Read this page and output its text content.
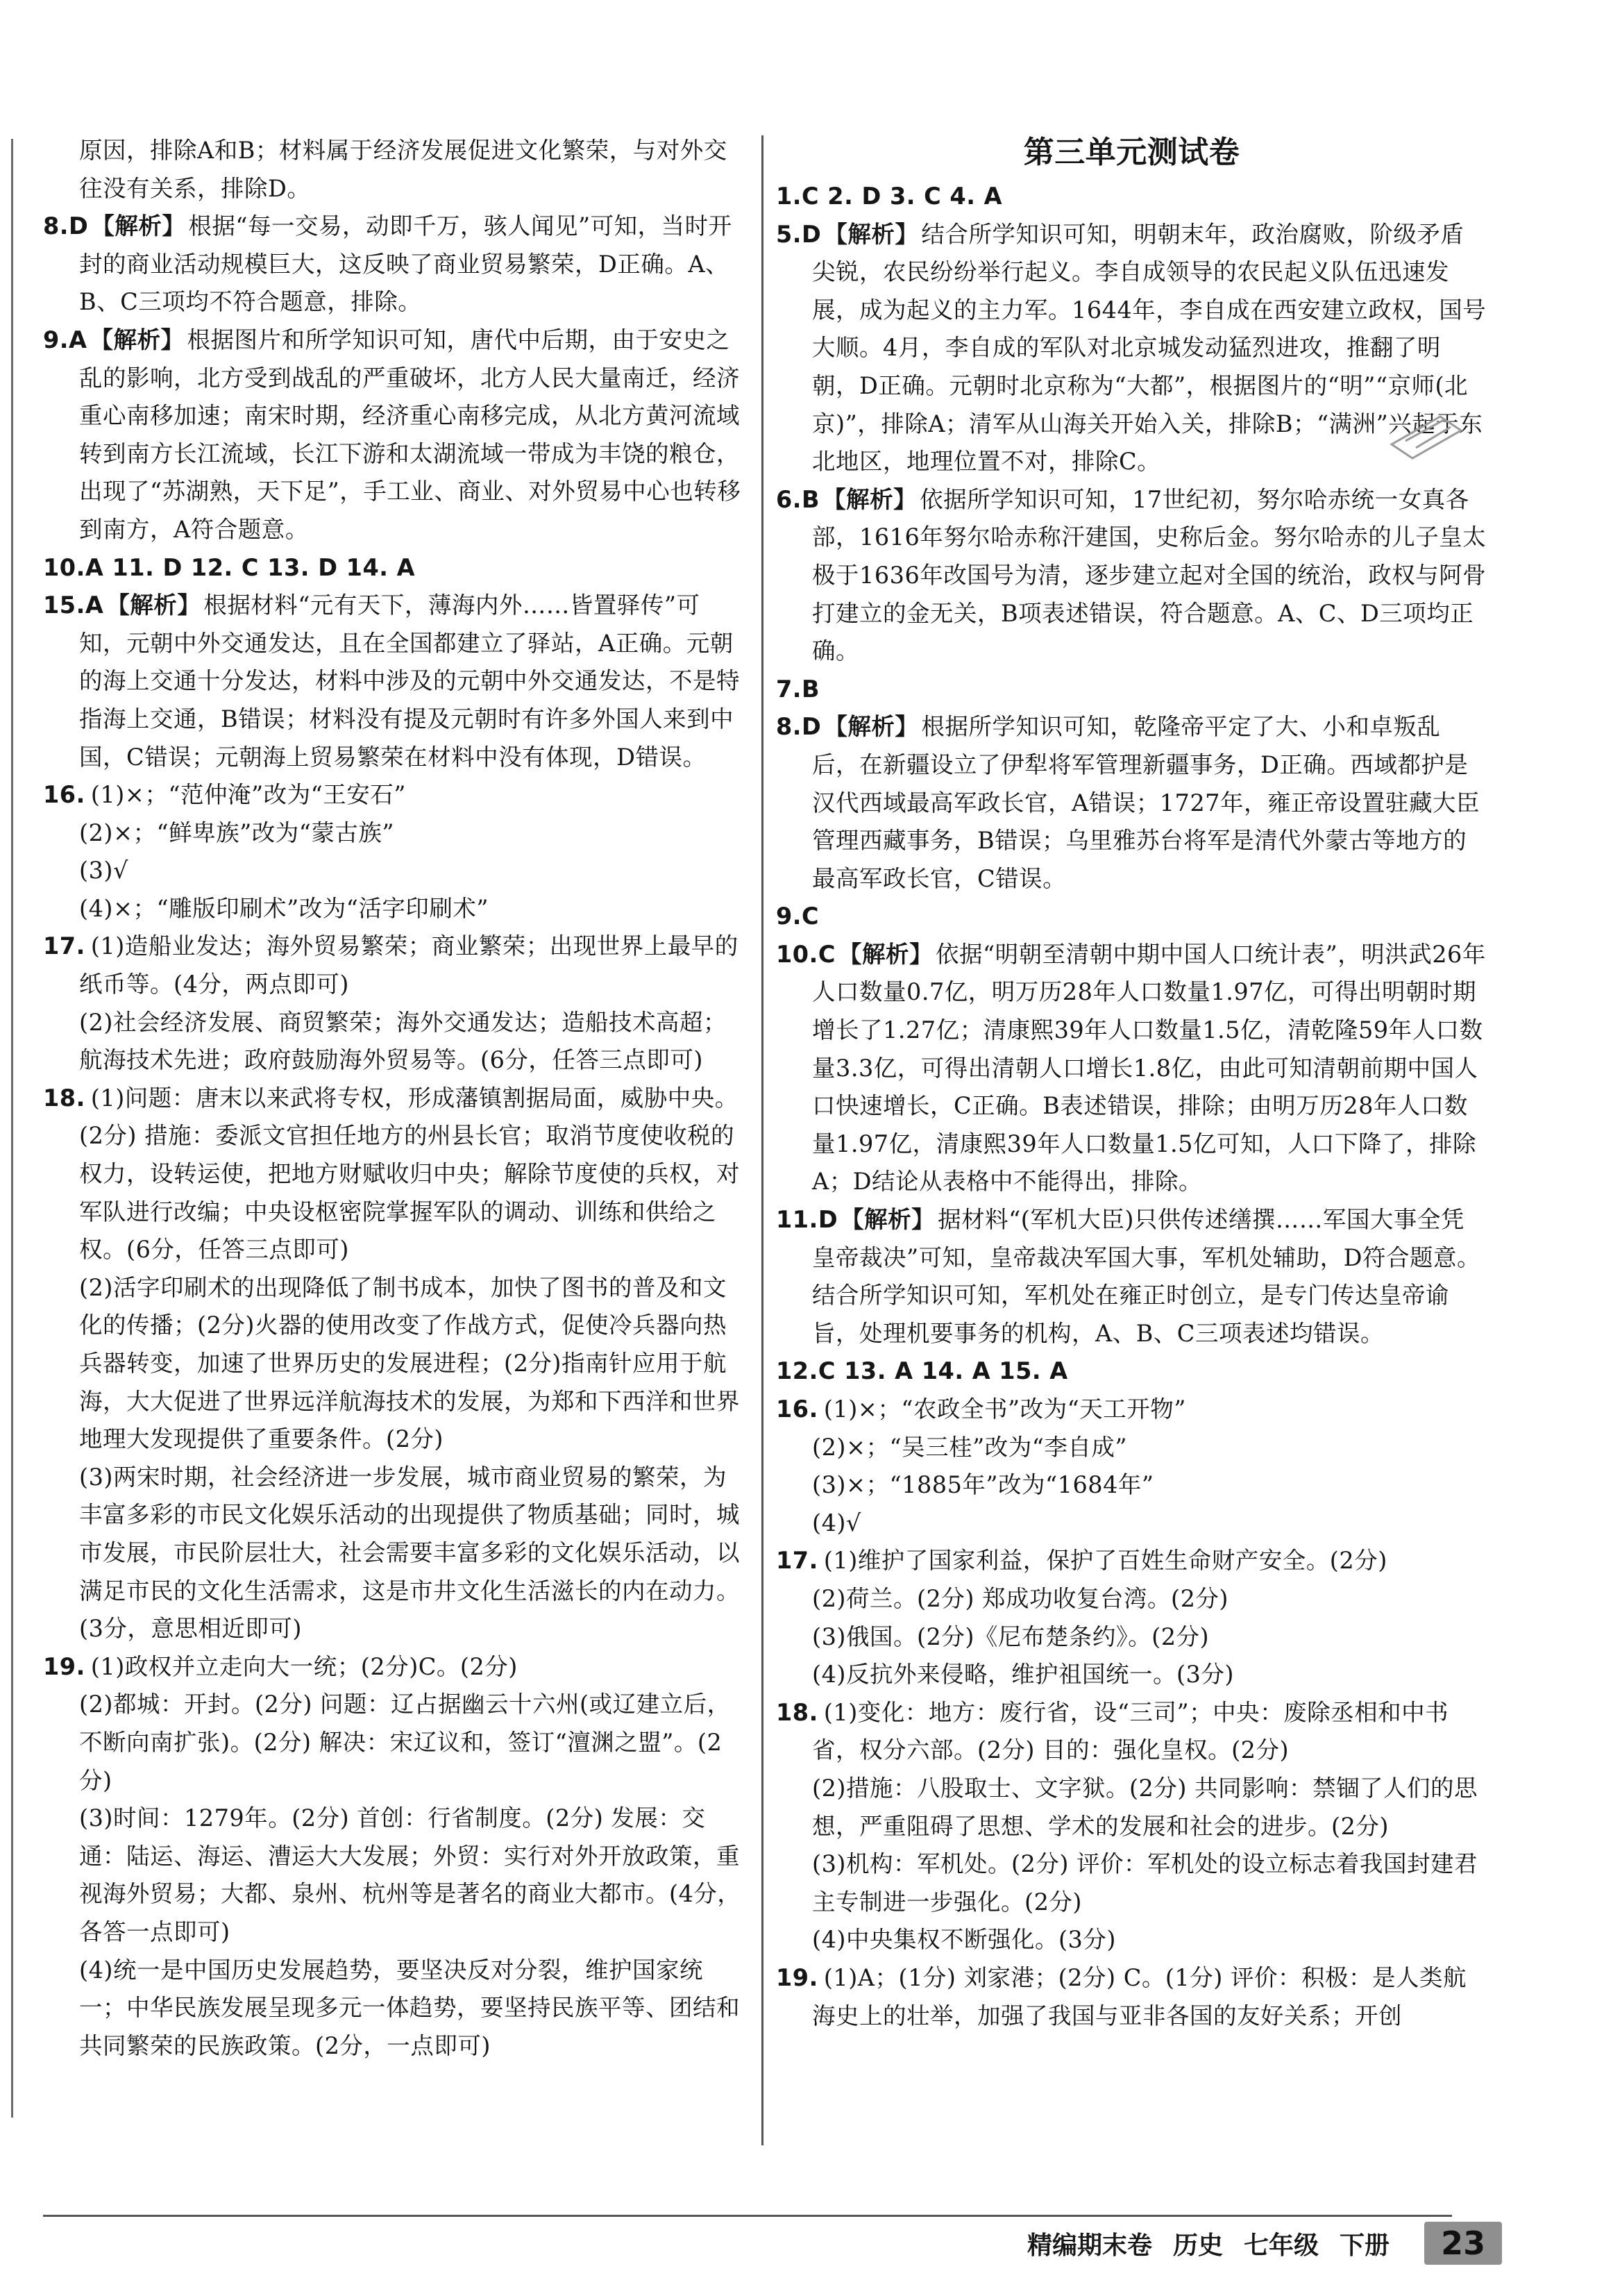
原因，排除A和B；材料属于经济发展促进文化繁荣，与对外交往没有关系，排除D。

8.D 【解析】 根据“每一交易，动即千万，骇人闻见”可知，当时开封的商业活动规模巨大，这反映了商业贸易繁荣，D正确。A、B、C三项均不符合题意，排除。

9.A 【解析】 根据图片和所学知识可知，唐代中后期，由于安史之乱的影响，北方受到战乱的严重破坏，北方人民大量南迁，经济重心南移加速；南宋时期，经济重心南移完成，从北方黄河流域转到南方长江流域，长江下游和太湖流域一带成为丰饶的粮仓，出现了“苏湖熟，天下足”，手工业、商业、对外贸易中心也转移到南方，A符合题意。

10.A 11. D 12. C 13. D 14. A

15.A 【解析】 根据材料“元有天下，薄海内外……皆置驿传”可知，元朝中外交通发达，且在全国都建立了驿站，A正确。元朝的海上交通十分发达，材料中涉及的元朝中外交通发达，不是特指海上交通，B错误；材料没有提及元朝时有许多外国人来到中国，C错误；元朝海上贸易繁荣在材料中没有体现，D错误。

16. (1)×；“范仲淹”改为“王安石”

(2)×；“鲜卑族”改为“蒙古族”

(3)√

(4)×；“雕版印刷术”改为“活字印刷术”

17. (1)造船业发达；海外贸易繁荣；商业繁荣；出现世界上最早的纸币等。(4分，两点即可)

(2)社会经济发展、商贸繁荣；海外交通发达；造船技术高超；航海技术先进；政府鼓励海外贸易等。(6分，任答三点即可)

18. (1)问题：唐末以来武将专权，形成藩镇割据局面，威胁中央。(2分) 措施：委派文官担任地方的州县长官；取消节度使收税的权力，设转运使，把地方财赋收归中央；解除节度使的兵权，对军队进行改编；中央设枢密院掌握军队的调动、训练和供给之权。(6分，任答三点即可)

(2)活字印刷术的出现降低了制书成本，加快了图书的普及和文化的传播；(2分)火器的使用改变了作战方式，促使冷兵器向热兵器转变，加速了世界历史的发展进程；(2分)指南针应用于航海，大大促进了世界远洋航海技术的发展，为郑和下西洋和世界地理大发现提供了重要条件。(2分)

(3)两宋时期，社会经济进一步发展，城市商业贸易的繁荣，为丰富多彩的市民文化娱乐活动的出现提供了物质基础；同时，城市发展，市民阶层壮大，社会需要丰富多彩的文化娱乐活动，以满足市民的文化生活需求，这是市井文化生活滋长的内在动力。(3分，意思相近即可)

19. (1)政权并立走向大一统；(2分)C。(2分)

(2)都城：开封。(2分) 问题：辽占据幽云十六州(或辽建立后，不断向南扩张)。(2分) 解决：宋辽议和，签订“澶渊之盟”。(2分)

(3)时间：1279年。(2分) 首创：行省制度。(2分) 发展：交通：陆运、海运、漕运大大发展；外贸：实行对外开放政策，重视海外贸易；大都、泉州、杭州等是著名的商业大都市。(4分，各答一点即可)

(4)统一是中国历史发展趋势，要坚决反对分裂，维护国家统一；中华民族发展呈现多元一体趋势，要坚持民族平等、团结和共同繁荣的民族政策。(2分，一点即可)

第三单元测试卷

1.C 2. D 3. C 4. A

5.D 【解析】 结合所学知识可知，明朝末年，政治腐败，阶级矛盾尖锐，农民纷纷举行起义。李自成领导的农民起义队伍迅速发展，成为起义的主力军。1644年，李自成在西安建立政权，国号大顺。4月，李自成的军队对北京城发动猛烈进攻，推翻了明朝，D正确。元朝时北京称为“大都”，根据图片的“明”“京师(北京)”，排除A；清军从山海关开始入关，排除B；“满洲”兴起于东北地区，地理位置不对，排除C。

6.B 【解析】 依据所学知识可知，17世纪初，努尔哈赤统一女真各部，1616年努尔哈赤称汗建国，史称后金。努尔哈赤的儿子皇太极于1636年改国号为清，逐步建立起对全国的统治，政权与阿骨打建立的金无关，B项表述错误，符合题意。A、C、D三项均正确。

7.B

8.D 【解析】 根据所学知识可知，乾隆帝平定了大、小和卓叛乱后，在新疆设立了伊犁将军管理新疆事务，D正确。西域都护是汉代西域最高军政长官，A错误；1727年，雍正帝设置驻藏大臣管理西藏事务，B错误；乌里雅苏台将军是清代外蒙古等地方的最高军政长官，C错误。

9.C

10.C 【解析】 依据“明朝至清朝中期中国人口统计表”，明洪武26年人口数量0.7亿，明万历28年人口数量1.97亿，可得出明朝时期增长了1.27亿；清康熙39年人口数量1.5亿，清乾隆59年人口数量3.3亿，可得出清朝人口增长1.8亿，由此可知清朝前期中国人口快速增长，C正确。B表述错误，排除；由明万历28年人口数量1.97亿，清康熙39年人口数量1.5亿可知，人口下降了，排除A；D结论从表格中不能得出，排除。

11.D 【解析】 据材料“(军机大臣)只供传述缮撰……军国大事全凭皇帝裁决”可知，皇帝裁决军国大事，军机处辅助，D符合题意。结合所学知识可知，军机处在雍正时创立，是专门传达皇帝谕旨，处理机要事务的机构，A、B、C三项表述均错误。

12.C 13. A 14. A 15. A

16. (1)×；“农政全书”改为“天工开物”

(2)×；“吴三桂”改为“李自成”

(3)×；“1885年”改为“1684年”

(4)√

17. (1)维护了国家利益，保护了百姓生命财产安全。(2分)

(2)荷兰。(2分) 郑成功收复台湾。(2分)

(3)俄国。(2分)《尼布楚条约》。(2分)

(4)反抗外来侵略，维护祖国统一。(3分)

18. (1)变化：地方：废行省，设“三司”；中央：废除丞相和中书省，权分六部。(2分) 目的：强化皇权。(2分)

(2)措施：八股取士、文字狱。(2分) 共同影响：禁锢了人们的思想，严重阻碍了思想、学术的发展和社会的进步。(2分)

(3)机构：军机处。(2分) 评价：军机处的设立标志着我国封建君主专制进一步强化。(2分)

(4)中央集权不断强化。(3分)

19. (1)A；(1分) 刘家港；(2分) C。(1分) 评价：积极：是人类航海史上的壮举，加强了我国与亚非各国的友好关系；开创

精编期末卷 历史 七年级 下册	23
